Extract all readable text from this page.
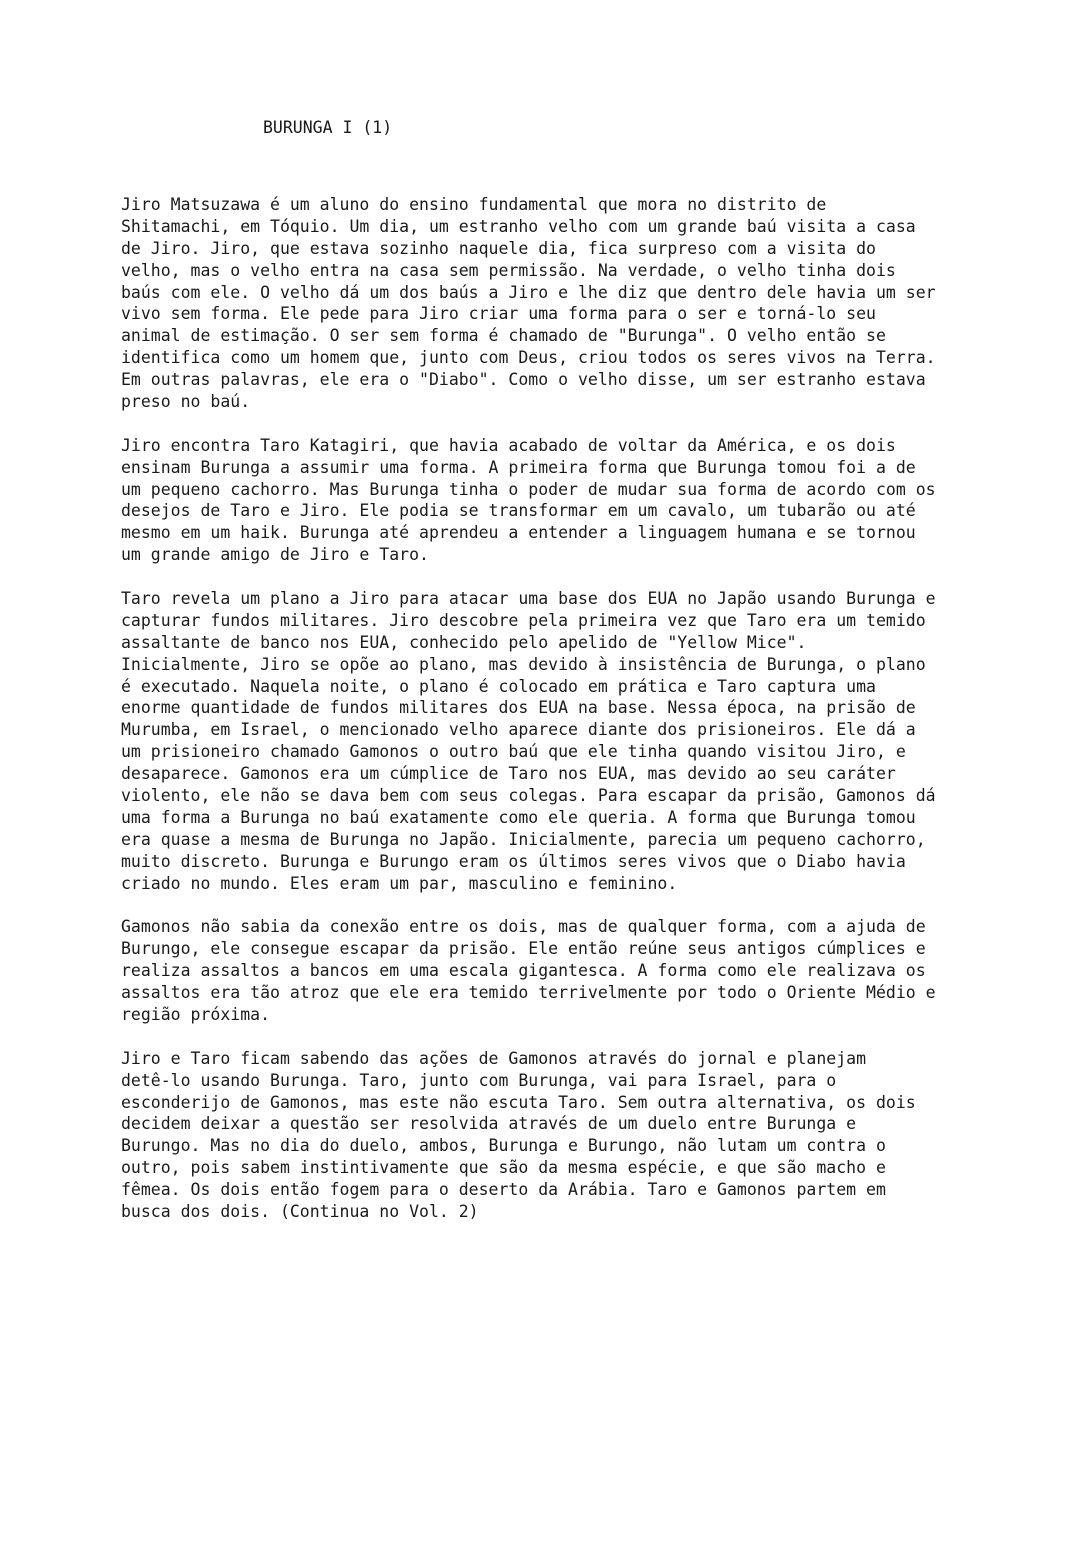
BURUNGA I (1)
Jiro Matsuzawa é um aluno do ensino fundamental que mora no distrito de
Shitamachi, em Tóquio. Um dia, um estranho velho com um grande baú visita a casa
de Jiro. Jiro, que estava sozinho naquele dia, fica surpreso com a visita do
velho, mas o velho entra na casa sem permissão. Na verdade, o velho tinha dois
baús com ele. O velho dá um dos baús a Jiro e lhe diz que dentro dele havia um ser
vivo sem forma. Ele pede para Jiro criar uma forma para o ser e torná-lo seu
animal de estimação. O ser sem forma é chamado de "Burunga". O velho então se
identifica como um homem que, junto com Deus, criou todos os seres vivos na Terra.
Em outras palavras, ele era o "Diabo". Como o velho disse, um ser estranho estava
preso no baú.
Jiro encontra Taro Katagiri, que havia acabado de voltar da América, e os dois
ensinam Burunga a assumir uma forma. A primeira forma que Burunga tomou foi a de
um pequeno cachorro. Mas Burunga tinha o poder de mudar sua forma de acordo com os
desejos de Taro e Jiro. Ele podia se transformar em um cavalo, um tubarão ou até
mesmo em um haik. Burunga até aprendeu a entender a linguagem humana e se tornou
um grande amigo de Jiro e Taro.
Taro revela um plano a Jiro para atacar uma base dos EUA no Japão usando Burunga e
capturar fundos militares. Jiro descobre pela primeira vez que Taro era um temido
assaltante de banco nos EUA, conhecido pelo apelido de "Yellow Mice".
Inicialmente, Jiro se opõe ao plano, mas devido à insistência de Burunga, o plano
é executado. Naquela noite, o plano é colocado em prática e Taro captura uma
enorme quantidade de fundos militares dos EUA na base. Nessa época, na prisão de
Murumba, em Israel, o mencionado velho aparece diante dos prisioneiros. Ele dá a
um prisioneiro chamado Gamonos o outro baú que ele tinha quando visitou Jiro, e
desaparece. Gamonos era um cúmplice de Taro nos EUA, mas devido ao seu caráter
violento, ele não se dava bem com seus colegas. Para escapar da prisão, Gamonos dá
uma forma a Burunga no baú exatamente como ele queria. A forma que Burunga tomou
era quase a mesma de Burunga no Japão. Inicialmente, parecia um pequeno cachorro,
muito discreto. Burunga e Burungo eram os últimos seres vivos que o Diabo havia
criado no mundo. Eles eram um par, masculino e feminino.
Gamonos não sabia da conexão entre os dois, mas de qualquer forma, com a ajuda de
Burungo, ele consegue escapar da prisão. Ele então reúne seus antigos cúmplices e
realiza assaltos a bancos em uma escala gigantesca. A forma como ele realizava os
assaltos era tão atroz que ele era temido terrivelmente por todo o Oriente Médio e
região próxima.
Jiro e Taro ficam sabendo das ações de Gamonos através do jornal e planejam
detê-lo usando Burunga. Taro, junto com Burunga, vai para Israel, para o
esconderijo de Gamonos, mas este não escuta Taro. Sem outra alternativa, os dois
decidem deixar a questão ser resolvida através de um duelo entre Burunga e
Burungo. Mas no dia do duelo, ambos, Burunga e Burungo, não lutam um contra o
outro, pois sabem instintivamente que são da mesma espécie, e que são macho e
fêmea. Os dois então fogem para o deserto da Arábia. Taro e Gamonos partem em
busca dos dois. (Continua no Vol. 2)
